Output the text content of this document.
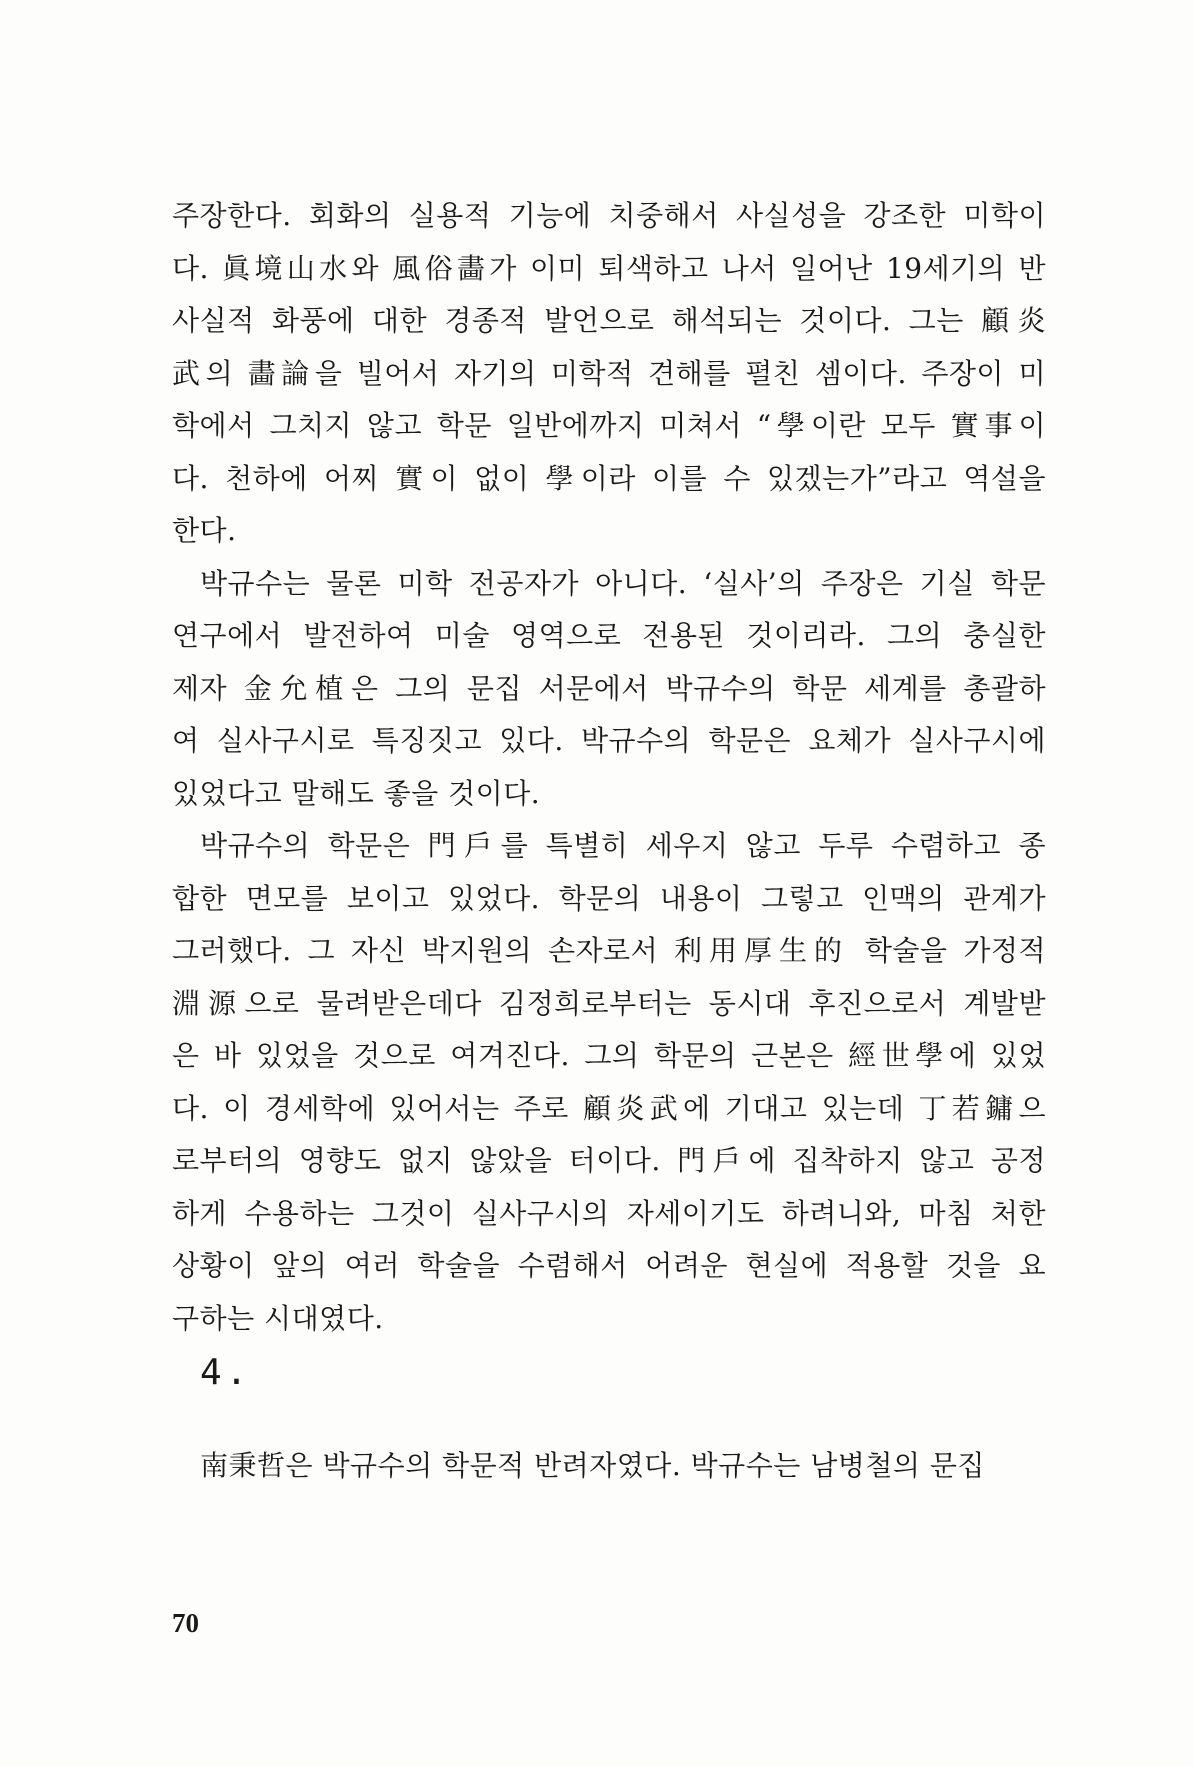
주장한다. 회화의 실용적 기능에 치중해서 사실성을 강조한 미학이
다. 眞境山水와 風俗畵가 이미 퇴색하고 나서 일어난 19세기의 반
사실적 화풍에 대한 경종적 발언으로 해석되는 것이다. 그는 顧炎
武의 畵論을 빌어서 자기의 미학적 견해를 펼친 셈이다. 주장이 미
학에서 그치지 않고 학문 일반에까지 미쳐서 “學이란 모두 實事이
다. 천하에 어찌 實이 없이 學이라 이를 수 있겠는가”라고 역설을
한다.
박규수는 물론 미학 전공자가 아니다. ‘실사’의 주장은 기실 학문
연구에서 발전하여 미술 영역으로 전용된 것이리라. 그의 충실한
제자 金允植은 그의 문집 서문에서 박규수의 학문 세계를 총괄하
여 실사구시로 특징짓고 있다. 박규수의 학문은 요체가 실사구시에
있었다고 말해도 좋을 것이다.
박규수의 학문은 門戶를 특별히 세우지 않고 두루 수렴하고 종
합한 면모를 보이고 있었다. 학문의 내용이 그렇고 인맥의 관계가
그러했다. 그 자신 박지원의 손자로서 利用厚生的 학술을 가정적
淵源으로 물려받은데다 김정희로부터는 동시대 후진으로서 계발받
은 바 있었을 것으로 여겨진다. 그의 학문의 근본은 經世學에 있었
다. 이 경세학에 있어서는 주로 顧炎武에 기대고 있는데 丁若鏞으
로부터의 영향도 없지 않았을 터이다. 門戶에 집착하지 않고 공정
하게 수용하는 그것이 실사구시의 자세이기도 하려니와, 마침 처한
상황이 앞의 여러 학술을 수렴해서 어려운 현실에 적용할 것을 요
구하는 시대였다.
4.
南秉哲은 박규수의 학문적 반려자였다. 박규수는 남병철의 문집
70
